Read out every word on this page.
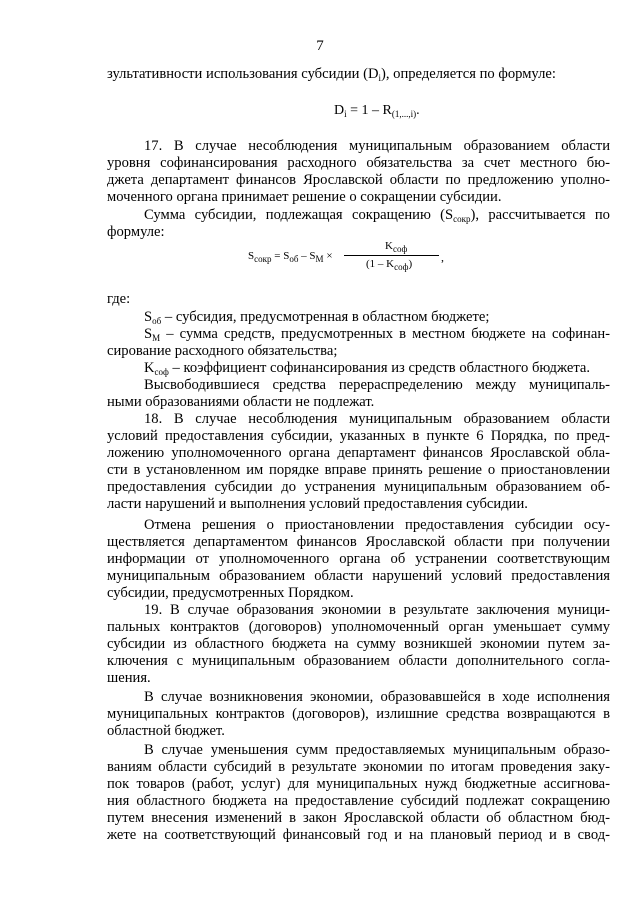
7
зультативности использования субсидии $(D_i)$, определяется по формуле:
$D_i = 1 - R_{(1,...,i)}$.
17. В случае несоблюдения муниципальным образованием области
уровня софинансирования расходного обязательства за счет местного бю-
джета департамент финансов Ярославской области по предложению уполно-
моченного органа принимает решение о сокращении субсидии.
Сумма субсидии, подлежащая сокращению $(S_{сокр})$, рассчитывается по
формуле:
$S_{сокр} = S_{об} - S_М$ ×
$K_{соф}$
$(1 - K_{соф})$ ,
где:
$S_{об}$ – субсидия, предусмотренная в областном бюджете;
$S_М$ – сумма средств, предусмотренных в местном бюджете на софинан-
сирование расходного обязательства;
$K_{соф}$ – коэффициент софинансирования из средств областного бюджета.
Высвободившиеся средства перераспределению между муниципаль-
ными образованиями области не подлежат.
18. В случае несоблюдения муниципальным образованием области
условий предоставления субсидии, указанных в пункте 6 Порядка, по пред-
ложению уполномоченного органа департамент финансов Ярославской обла-
сти в установленном им порядке вправе принять решение о приостановлении
предоставления субсидии до устранения муниципальным образованием об-
ласти нарушений и выполнения условий предоставления субсидии.
Отмена решения о приостановлении предоставления субсидии осу-
ществляется департаментом финансов Ярославской области при получении
информации от уполномоченного органа об устранении соответствующим
муниципальным образованием области нарушений условий предоставления
субсидии, предусмотренных Порядком.
19. В случае образования экономии в результате заключения муници-
пальных контрактов (договоров) уполномоченный орган уменьшает сумму
субсидии из областного бюджета на сумму возникшей экономии путем за-
ключения с муниципальным образованием области дополнительного согла-
шения.
В случае возникновения экономии, образовавшейся в ходе исполнения
муниципальных контрактов (договоров), излишние средства возвращаются в
областной бюджет.
В случае уменьшения сумм предоставляемых муниципальным образо-
ваниям области субсидий в результате экономии по итогам проведения заку-
пок товаров (работ, услуг) для муниципальных нужд бюджетные ассигнова-
ния областного бюджета на предоставление субсидий подлежат сокращению
путем внесения изменений в закон Ярославской области об областном бюд-
жете на соответствующий финансовый год и на плановый период и в свод-
